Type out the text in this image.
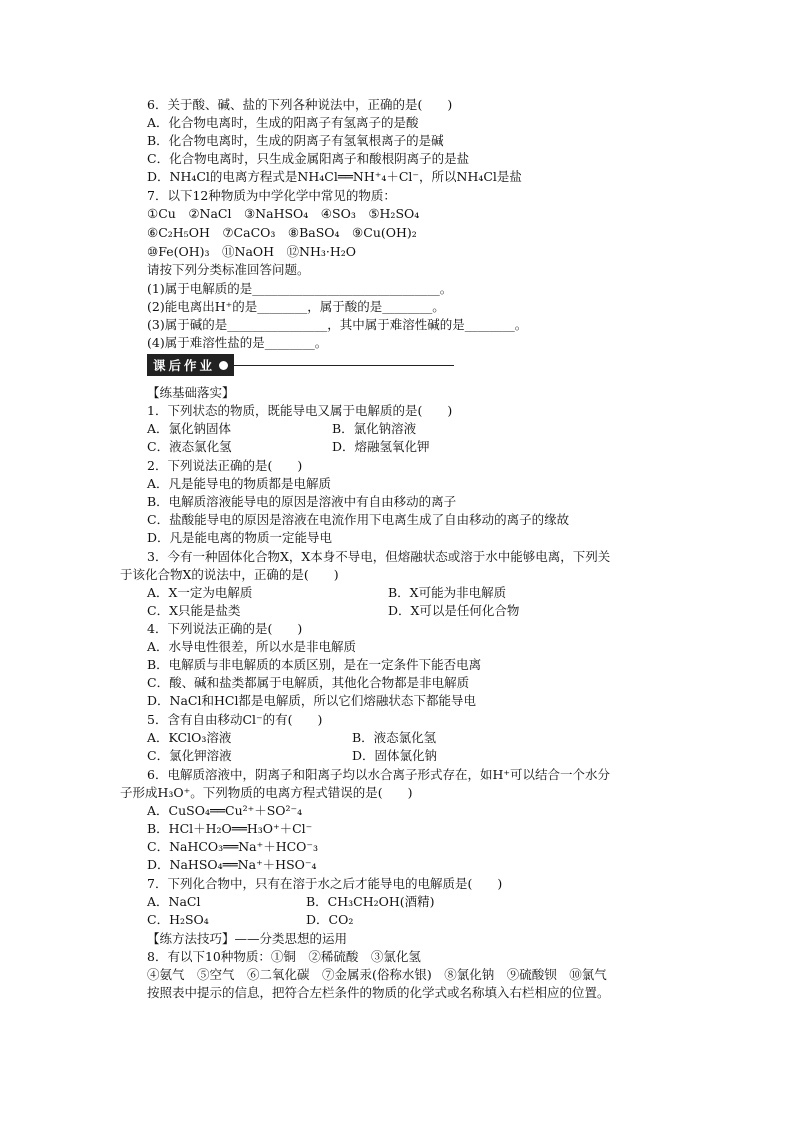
6．关于酸、碱、盐的下列各种说法中，正确的是(　　)
A．化合物电离时，生成的阳离子有氢离子的是酸
B．化合物电离时，生成的阴离子有氢氧根离子的是碱
C．化合物电离时，只生成金属阳离子和酸根阴离子的是盐
D．NH₄Cl的电离方程式是NH₄Cl══NH⁺₄＋Cl⁻，所以NH₄Cl是盐
7．以下12种物质为中学化学中常见的物质：
①Cu　②NaCl　③NaHSO₄　④SO₃　⑤H₂SO₄
⑥C₂H₅OH　⑦CaCO₃　⑧BaSO₄　⑨Cu(OH)₂
⑩Fe(OH)₃　⑪NaOH　⑫NH₃·H₂O
请按下列分类标准回答问题。
(1)属于电解质的是______________________________。
(2)能电离出H⁺的是________，属于酸的是________。
(3)属于碱的是________________，其中属于难溶性碱的是________。
(4)属于难溶性盐的是________。
课后作业
【练基础落实】
1．下列状态的物质，既能导电又属于电解质的是(　　)
A．氯化钠固体	B．氯化钠溶液
C．液态氯化氢	D．熔融氢氧化钾
2．下列说法正确的是(　　)
A．凡是能导电的物质都是电解质
B．电解质溶液能导电的原因是溶液中有自由移动的离子
C．盐酸能导电的原因是溶液在电流作用下电离生成了自由移动的离子的缘故
D．凡是能电离的物质一定能导电
3．今有一种固体化合物X，X本身不导电，但熔融状态或溶于水中能够电离，下列关
于该化合物X的说法中，正确的是(　　)
A．X一定为电解质	B．X可能为非电解质
C．X只能是盐类	D．X可以是任何化合物
4．下列说法正确的是(　　)
A．水导电性很差，所以水是非电解质
B．电解质与非电解质的本质区别，是在一定条件下能否电离
C．酸、碱和盐类都属于电解质，其他化合物都是非电解质
D．NaCl和HCl都是电解质，所以它们熔融状态下都能导电
5．含有自由移动Cl⁻的有(　　)
A．KClO₃溶液	B．液态氯化氢
C．氯化钾溶液	D．固体氯化钠
6．电解质溶液中，阴离子和阳离子均以水合离子形式存在，如H⁺可以结合一个水分
子形成H₃O⁺。下列物质的电离方程式错误的是(　　)
A．CuSO₄══Cu²⁺＋SO²⁻₄
B．HCl＋H₂O══H₃O⁺＋Cl⁻
C．NaHCO₃══Na⁺＋HCO⁻₃
D．NaHSO₄══Na⁺＋HSO⁻₄
7．下列化合物中，只有在溶于水之后才能导电的电解质是(　　)
A．NaCl	B．CH₃CH₂OH(酒精)
C．H₂SO₄	D．CO₂
【练方法技巧】——分类思想的运用
8．有以下10种物质：①铜　②稀硫酸　③氯化氢
④氨气　⑤空气　⑥二氧化碳　⑦金属汞(俗称水银)　⑧氯化钠　⑨硫酸钡　⑩氯气
按照表中提示的信息，把符合左栏条件的物质的化学式或名称填入右栏相应的位置。
